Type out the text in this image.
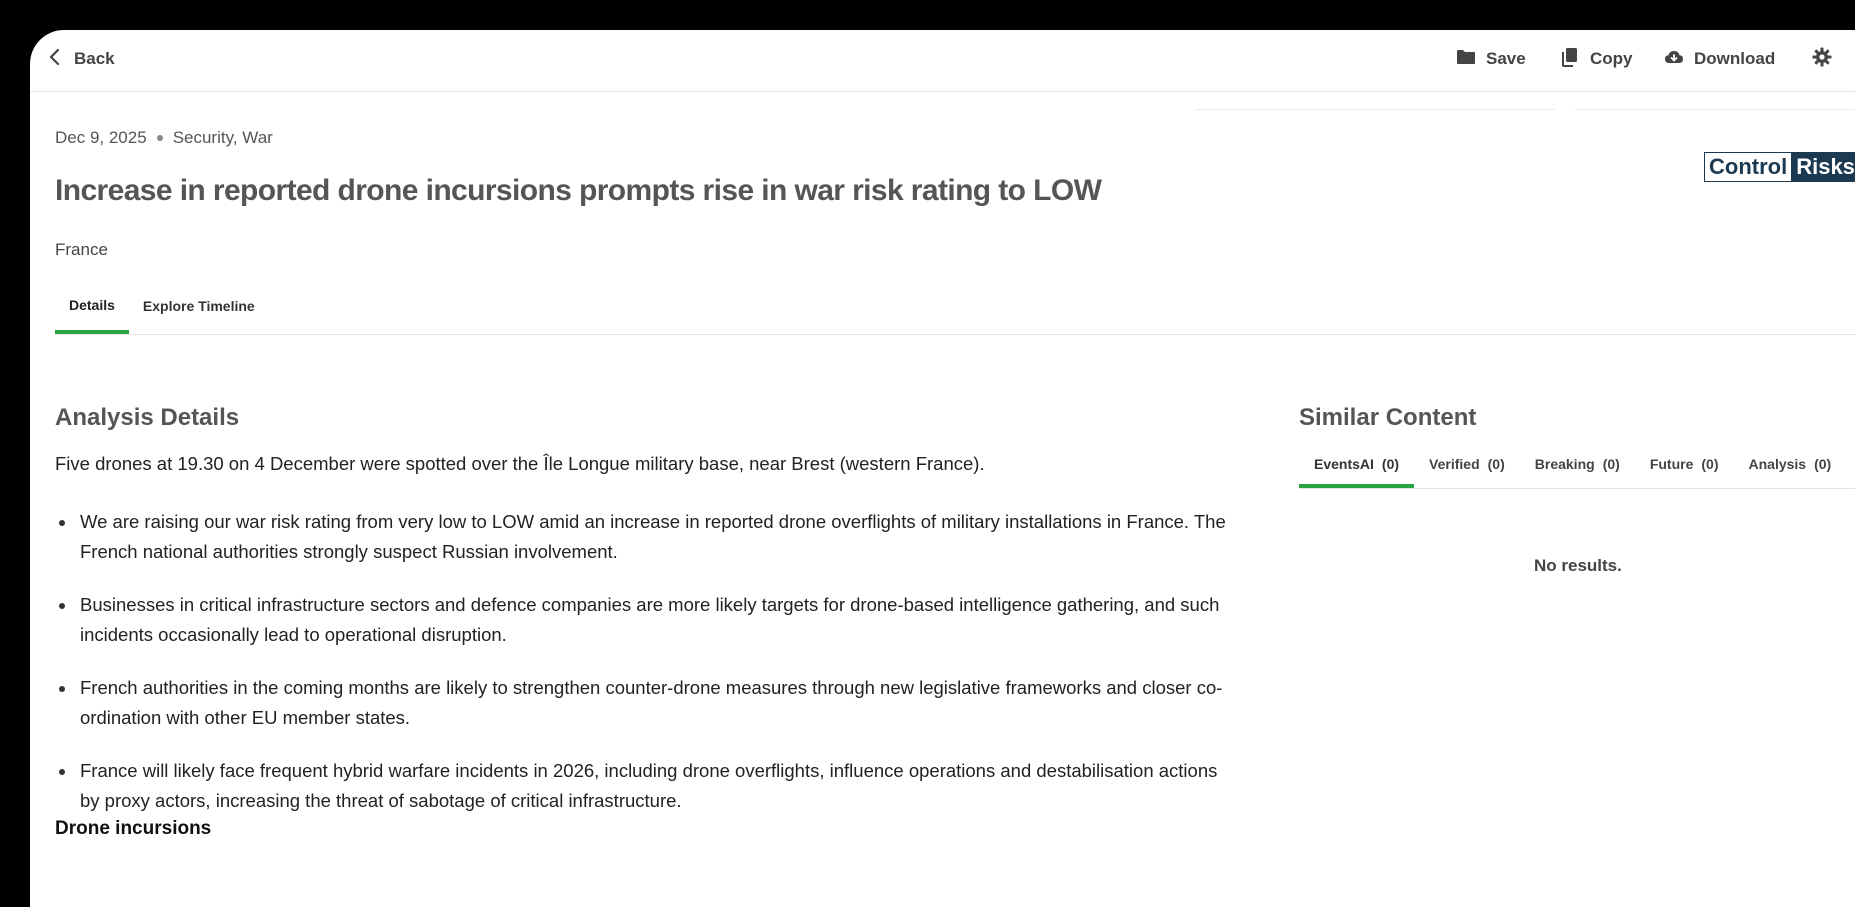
Back	Save	Copy	Download
Dec 9, 2025 Security, War
Increase in reported drone incursions prompts rise in war risk rating to LOW
France
Control Risks
Details	Explore Timeline
Analysis Details
Five drones at 19.30 on 4 December were spotted over the Île Longue military base, near Brest (western France).
We are raising our war risk rating from very low to LOW amid an increase in reported drone overflights of military installations in France. The French national authorities strongly suspect Russian involvement.
Businesses in critical infrastructure sectors and defence companies are more likely targets for drone-based intelligence gathering, and such incidents occasionally lead to operational disruption.
French authorities in the coming months are likely to strengthen counter-drone measures through new legislative frameworks and closer co-ordination with other EU member states.
France will likely face frequent hybrid warfare incidents in 2026, including drone overflights, influence operations and destabilisation actions by proxy actors, increasing the threat of sabotage of critical infrastructure.
Drone incursions
Similar Content
EventsAI (0) Verified (0) Breaking (0) Future (0) Analysis (0)
No results.
